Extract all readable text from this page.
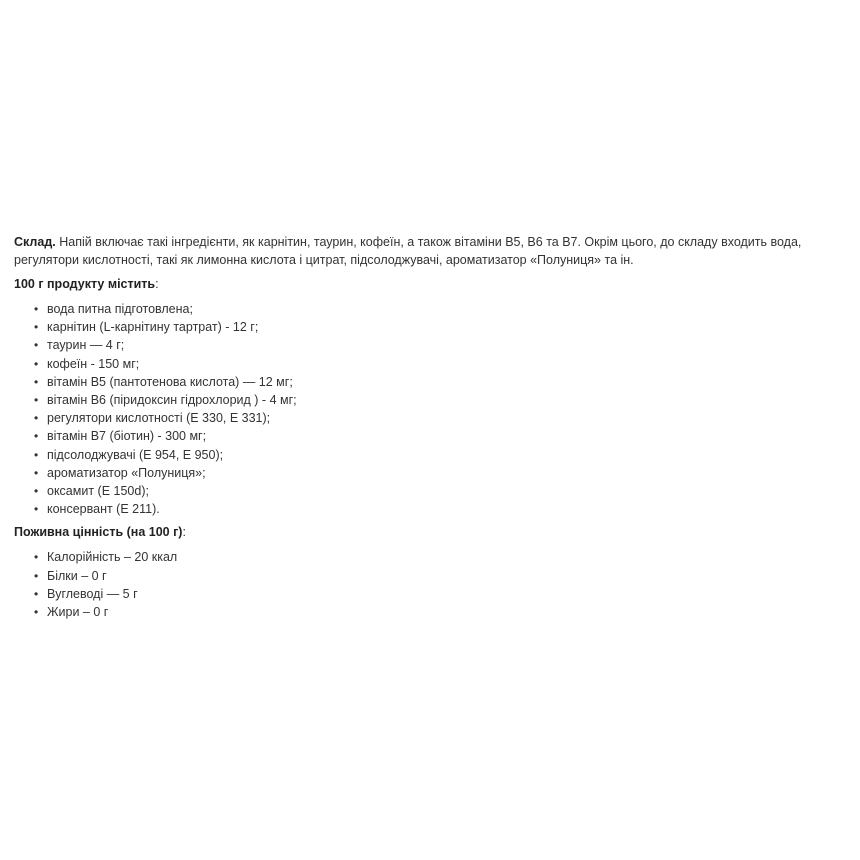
Склад. Напій включає такі інгредієнти, як карнітин, таурин, кофеїн, а також вітаміни B5, B6 та B7. Окрім цього, до складу входить вода, регулятори кислотності, такі як лимонна кислота і цитрат, підсолоджувачі, ароматизатор «Полуниця» та ін.

100 г продукту містить:

• вода питна підготовлена;
• карнітин (L-карнітину тартрат) - 12 г;
• таурин — 4 г;
• кофеїн - 150 мг;
• вітамін B5 (пантотенова кислота) — 12 мг;
• вітамін B6 (піридоксин гідрохлорид ) - 4 мг;
• регулятори кислотності (Е 330, Е 331);
• вітамін B7 (біотин) - 300 мг;
• підсолоджувачі (Е 954, Е 950);
• ароматизатор «Полуниця»;
• оксамит (Е 150d);
• консервант (Е 211).

Поживна цінність (на 100 г):

• Калорійність – 20 ккал
• Білки – 0 г
• Вуглеводі — 5 г
• Жири – 0 г
